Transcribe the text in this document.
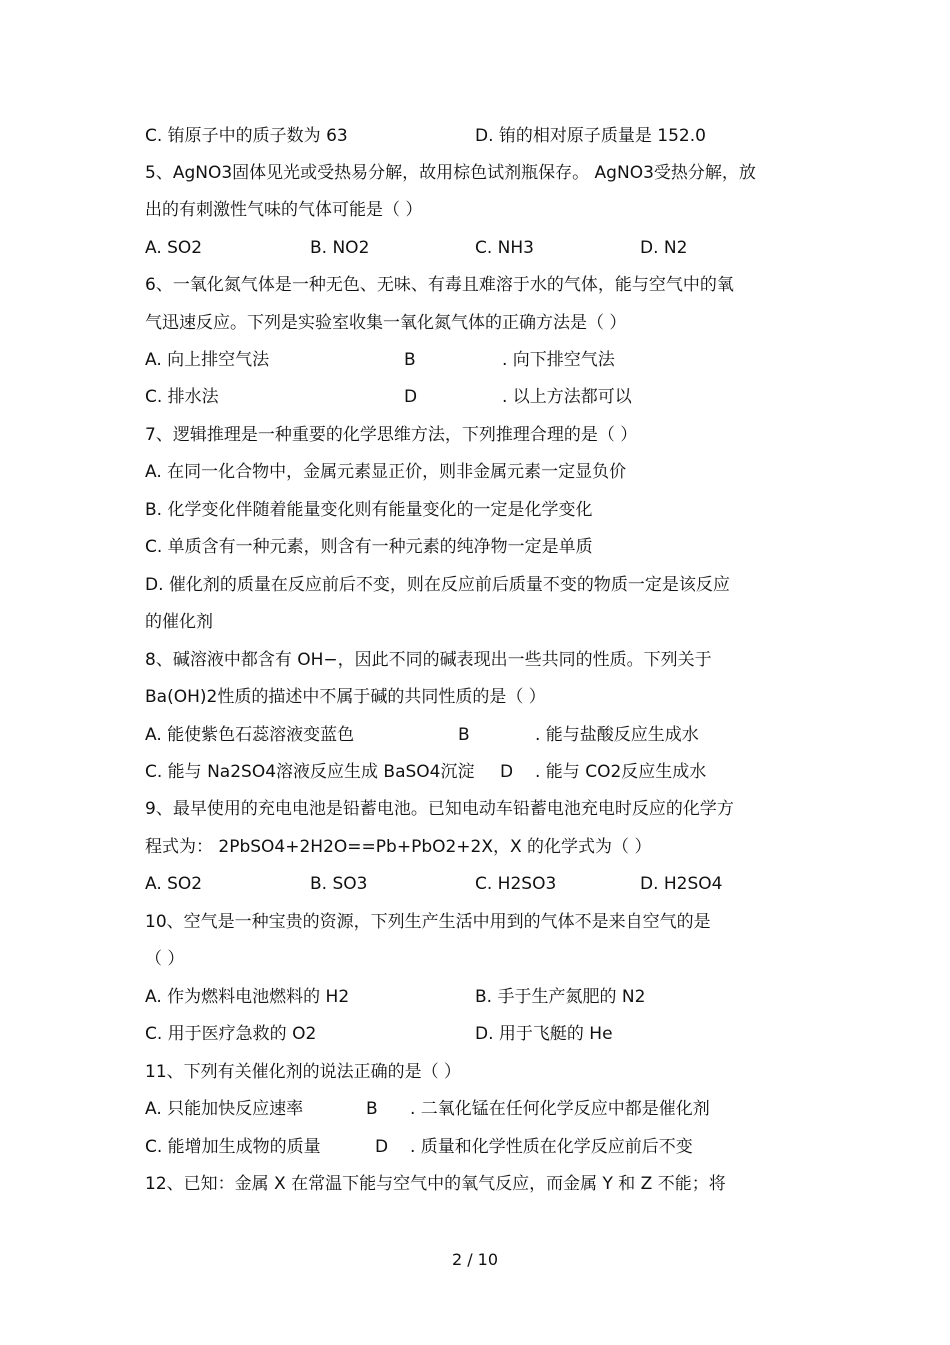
C. 铕原子中的质子数为 63	D. 铕的相对原子质量是 152.0
5、AgNO3固体见光或受热易分解，故用棕色试剂瓶保存。 AgNO3受热分解，放
出的有刺激性气味的气体可能是（ ）
A. SO2	B. NO2	C. NH3	D. N2
6、一氧化氮气体是一种无色、无味、有毒且难溶于水的气体，能与空气中的氧
气迅速反应。下列是实验室收集一氧化氮气体的正确方法是（ ）
A. 向上排空气法	B	. 向下排空气法
C. 排水法	D	. 以上方法都可以
7、逻辑推理是一种重要的化学思维方法，下列推理合理的是（ ）
A. 在同一化合物中，金属元素显正价，则非金属元素一定显负价
B. 化学变化伴随着能量变化则有能量变化的一定是化学变化
C. 单质含有一种元素，则含有一种元素的纯净物一定是单质
D. 催化剂的质量在反应前后不变，则在反应前后质量不变的物质一定是该反应
的催化剂
8、碱溶液中都含有 OH−，因此不同的碱表现出一些共同的性质。下列关于
Ba(OH)2性质的描述中不属于碱的共同性质的是（ ）
A. 能使紫色石蕊溶液变蓝色	B	. 能与盐酸反应生成水
C. 能与 Na2SO4溶液反应生成 BaSO4沉淀 D . 能与 CO2反应生成水
9、最早使用的充电电池是铅蓄电池。已知电动车铅蓄电池充电时反应的化学方
程式为： 2PbSO4+2H2O==Pb+PbO2+2X，X 的化学式为（ ）
A. SO2	B. SO3	C. H2SO3	D. H2SO4
10、空气是一种宝贵的资源，下列生产生活中用到的气体不是来自空气的是
（ ）
A. 作为燃料电池燃料的 H2	B. 手于生产氮肥的 N2
C. 用于医疗急救的 O2	D. 用于飞艇的 He
11、下列有关催化剂的说法正确的是（ ）
A. 只能加快反应速率	B . 二氧化锰在任何化学反应中都是催化剂
C. 能增加生成物的质量	D . 质量和化学性质在化学反应前后不变
12、已知：金属 X 在常温下能与空气中的氧气反应，而金属 Y 和 Z 不能；将
2 / 10
